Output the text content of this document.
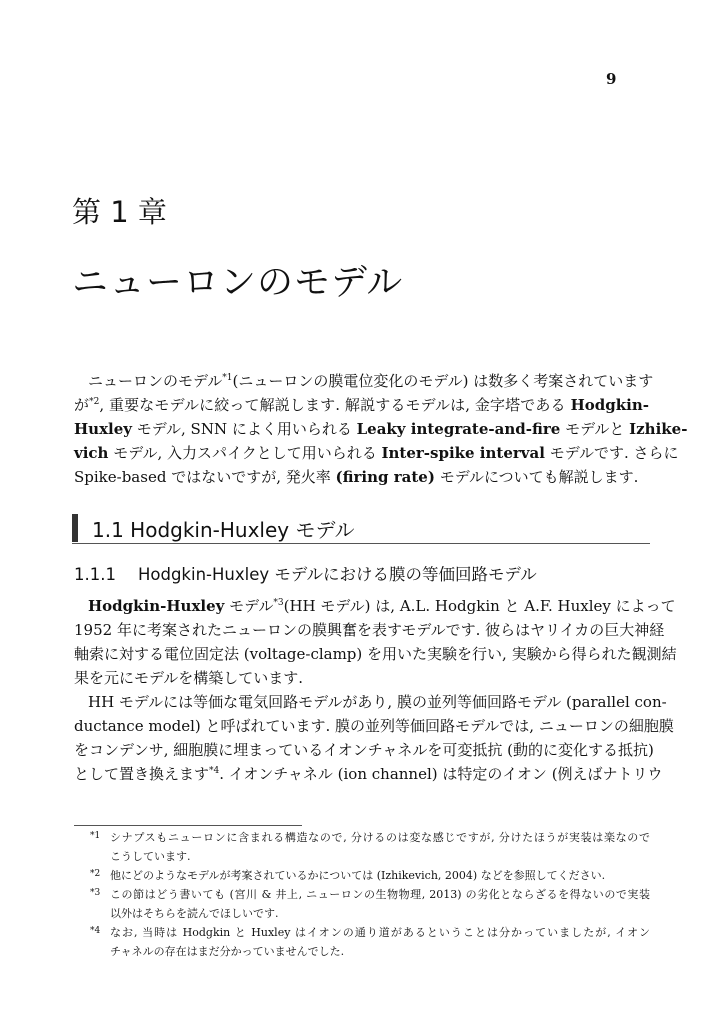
9
第 1 章
ニューロンのモデル
ニューロンのモデル$^{*1}$(ニューロンの膜電位変化のモデル) は数多く考案されています
が$^{*2}$, 重要なモデルに絞って解説します. 解説するモデルは, 金字塔である Hodgkin-
Huxley モデル, SNN によく用いられる Leaky integrate-and-fire モデルと Izhike-
vich モデル, 入力スパイクとして用いられる Inter-spike interval モデルです. さらに
Spike-based ではないですが, 発火率 (firing rate) モデルについても解説します.
1.1 Hodgkin-Huxley モデル
1.1.1 Hodgkin-Huxley モデルにおける膜の等価回路モデル
Hodgkin-Huxley モデル$^{*3}$(HH モデル) は, A.L. Hodgkin と A.F. Huxley によって
1952 年に考案されたニューロンの膜興奮を表すモデルです. 彼らはヤリイカの巨大神経
軸索に対する電位固定法 (voltage-clamp) を用いた実験を行い, 実験から得られた観測結
果を元にモデルを構築しています.
HH モデルには等価な電気回路モデルがあり, 膜の並列等価回路モデル (parallel con-
ductance model) と呼ばれています. 膜の並列等価回路モデルでは, ニューロンの細胞膜
をコンデンサ, 細胞膜に埋まっているイオンチャネルを可変抵抗 (動的に変化する抵抗)
として置き換えます$^{*4}$. イオンチャネル (ion channel) は特定のイオン (例えばナトリウ
*1 シナプスもニューロンに含まれる構造なので, 分けるのは変な感じですが, 分けたほうが実装は楽なので
こうしています.
*2 他にどのようなモデルが考案されているかについては (Izhikevich, 2004) などを参照してください.
*3 この節はどう書いても (宮川 & 井上, ニューロンの生物物理, 2013) の劣化とならざるを得ないので実装
以外はそちらを読んでほしいです.
*4 なお, 当時は Hodgkin と Huxley はイオンの通り道があるということは分かっていましたが, イオン
チャネルの存在はまだ分かっていませんでした.
